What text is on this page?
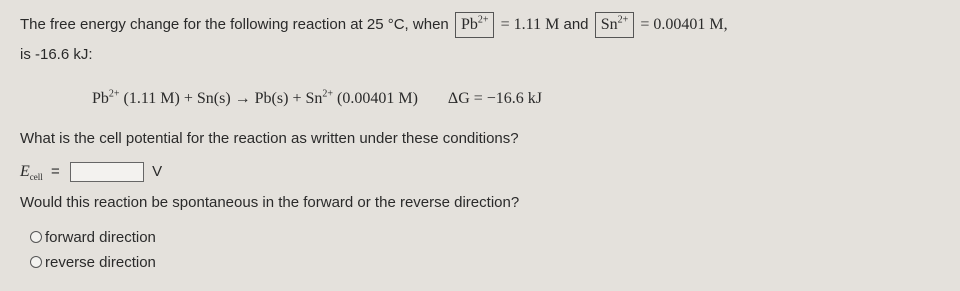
The free energy change for the following reaction at 25 °C, when $Pb^{2+} = 1.11$ M and $Sn^{2+} = 0.00401$ M,
is -16.6 kJ:
$Pb^{2+}$ (1.11 $M) + Sn(s) \to Pb(s) + Sn^{2+}$ (0.00401 M) ΔG = −16.6 kJ
What is the cell potential for the reaction as written under these conditions?
$E_{cell}$ =	V
Would this reaction be spontaneous in the forward or the reverse direction?
forward direction
reverse direction
